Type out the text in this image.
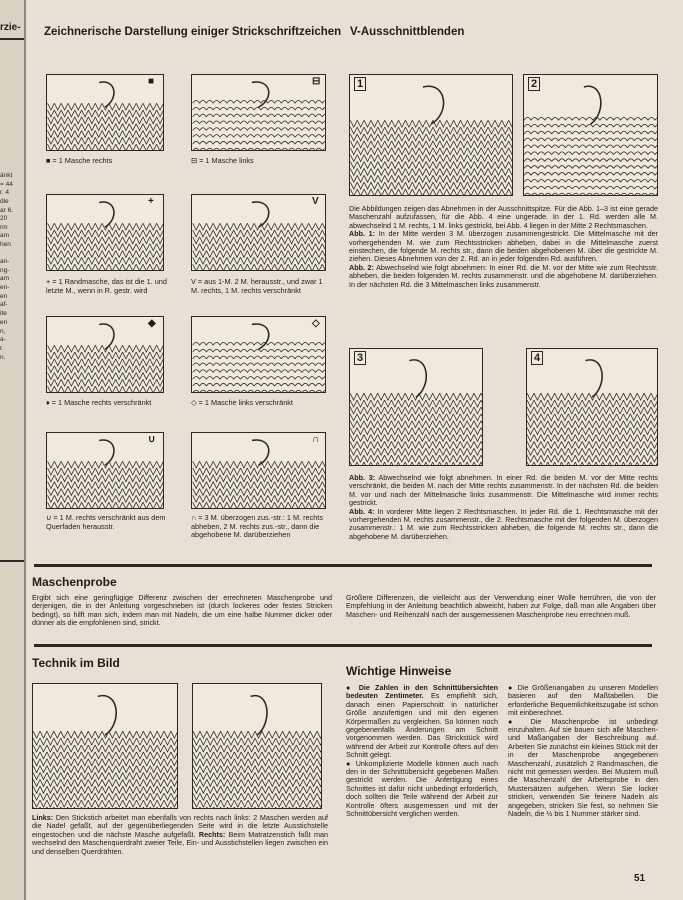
rzie-
änkt
= 44
r. 4
dle
ar 6.
20
rm
am
hen
an-
ng-
am
en-
en
af-
ite
en
n,
a-
r.
n.
Zeichnerische Darstellung einiger Strickschriftzeichen
■
■ = 1 Masche rechts
⊟
⊟ = 1 Masche links
+
+ = 1 Randmasche, das ist die 1. und letzte M., wenn in R. gestr. wird
V
V = aus 1-M. 2 M. herausstr., und zwar 1 M. rechts, 1 M. rechts verschränkt
◆
♦ = 1 Masche rechts verschränkt
◇
◇ = 1 Masche links verschränkt
∪
∪ = 1 M. rechts verschränkt aus dem Querfaden herausstr.
∩
∩ = 3 M. überzogen zus.-str.: 1 M. rechts abheben, 2 M. rechts zus.-str., dann die abgehobene M. darüberziehen
V-Ausschnittblenden
1	2
Die Abbildungen zeigen das Abnehmen in der Ausschnittspitze. Für die Abb. 1–3 ist eine gerade Maschenzahl aufzufassen, für die Abb. 4 eine ungerade. In der 1. Rd. werden alle M. abwechselnd 1 M. rechts, 1 M. links gestrickt, bei Abb. 4 liegen in der Mitte 2 Rechtsmaschen.
Abb. 1: In der Mitte werden 3 M. überzogen zusammengestrickt. Die Mittelmasche mit der vorhergehenden M. wie zum Rechtsstricken abheben, dabei in die Mittelmasche zuerst einstechen, die folgende M. rechts str., dann die beiden abgehobenen M. über die gestrickte M. ziehen. Dieses Abnehmen von der 2. Rd. an in jeder folgenden Rd. ausführen.
Abb. 2: Abwechselnd wie folgt abnehmen: In einer Rd. die M. vor der Mitte wie zum Rechtsstr. abheben, die beiden folgenden M. rechts zusammenstr. und die abgehobene M. darüberziehen. In der nächsten Rd. die 3 Mittelmaschen links zusammenstr.
3	4
Abb. 3: Abwechselnd wie folgt abnehmen. In einer Rd. die beiden M. vor der Mitte rechts verschränkt, die beiden M. nach der Mitte rechts zusammenstr. In der nächsten Rd. die beiden M. vor und nach der Mittelmasche links zusammenstr. Die Mittelmasche wird immer rechts gestrickt.
Abb. 4: In vorderer Mitte liegen 2 Rechtsmaschen. In jeder Rd. die 1. Rechtsmasche mit der vorhergehenden M. rechts zusammenstr., die 2. Rechtsmasche mit der folgenden M. überzogen zusammenstr.: 1 M. wie zum Rechtsstricken abheben, die folgende M. rechts str., dann die abgehobene M. darüberziehen.
Maschenprobe
Ergibt sich eine geringfügige Differenz zwischen der errechneten Maschenprobe und derjenigen, die in der Anleitung vorgeschrieben ist (durch lockeres oder festes Stricken bedingt), so hilft man sich, indem man mit Nadeln, die um eine halbe Nummer dicker oder dünner als die empfohlenen sind, strickt.
Größere Differenzen, die vielleicht aus der Verwendung einer Wolle herrühren, die von der Empfehlung in der Anleitung beachtlich abweicht, haben zur Folge, daß man alle Angaben über Maschen- und Reihenzahl nach der ausgemessenen Maschenprobe neu errechnen muß.
Technik im Bild
Links: Den Stickstich arbeitet man ebenfalls von rechts nach links: 2 Maschen werden auf die Nadel gefaßt, auf der gegenüberliegenden Seite wird in die letzte Ausstichstelle eingestochen und die nächste Masche aufgefaßt. Rechts: Beim Matratzenstich faßt man wechselnd den Maschenquerdraht zweier Teile, Ein- und Ausstichstellen liegen zwischen ein und denselben Querdrähten.
Wichtige Hinweise
● Die Zahlen in den Schnittübersichten bedeuten Zentimeter. Es empfiehlt sich, danach einen Papierschnitt in natürlicher Größe anzufertigen und mit den eigenen Körpermaßen zu vergleichen. So können noch gegebenenfalls Änderungen am Schnitt vorgenommen werden. Das Strickstück wird während der Arbeit zur Kontrolle öfters auf den Schnitt gelegt.
● Unkomplizierte Modelle können auch nach den in der Schnittübersicht gegebenen Maßen gestrickt werden. Die Anfertigung eines Schnittes ist dafür nicht unbedingt erforderlich, doch sollten die Teile während der Arbeit zur Kontrolle öfters ausgemessen und mit der Schnittübersicht verglichen werden.
● Die Größenangaben zu unseren Modellen basieren auf den Maßtabellen. Die erforderliche Bequemlichkeitszugabe ist schon mit einberechnet.
● Die Maschenprobe ist unbedingt einzuhalten. Auf sie bauen sich alle Maschen- und Maßangaben der Beschreibung auf. Arbeiten Sie zunächst ein kleines Stück mit der in der Maschenprobe angegebenen Maschenzahl, zusätzlich 2 Randmaschen, die nicht mit gemessen werden. Bei Mustern muß die Maschenzahl der Arbeitsprobe in den Mustersätzen aufgehen. Wenn Sie locker stricken, verwenden Sie feinere Nadeln als angegeben, stricken Sie fest, so nehmen Sie Nadeln, die ½ bis 1 Nummer stärker sind.
51
